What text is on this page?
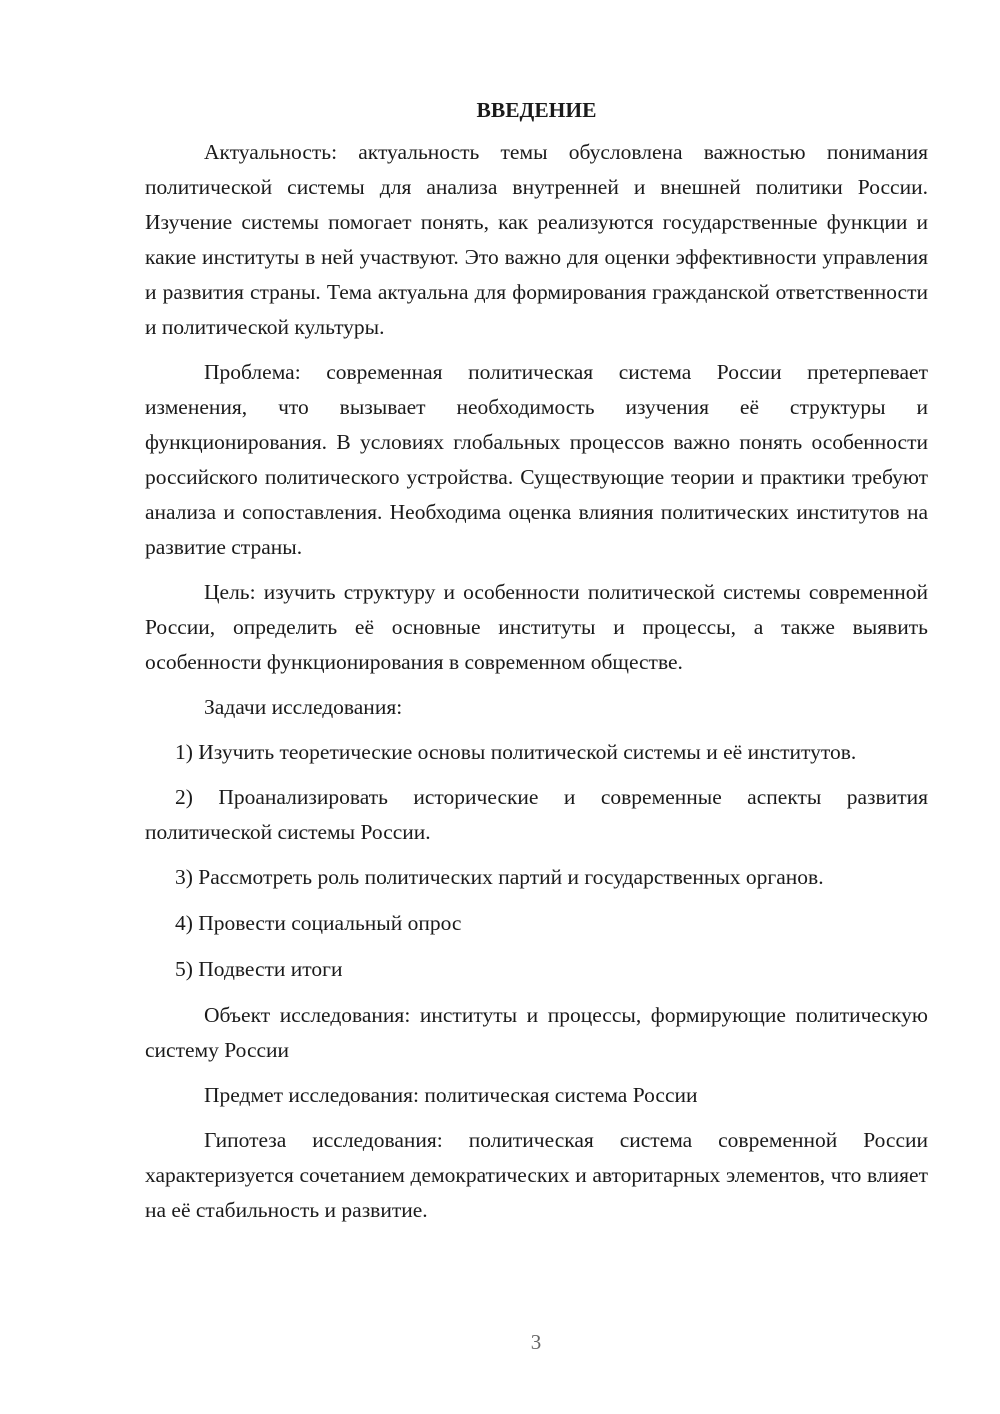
ВВЕДЕНИЕ

Актуальность: актуальность темы обусловлена важностью понимания политической системы для анализа внутренней и внешней политики России. Изучение системы помогает понять, как реализуются государственные функции и какие институты в ней участвуют. Это важно для оценки эффективности управления и развития страны. Тема актуальна для формирования гражданской ответственности и политической культуры.

Проблема: современная политическая система России претерпевает изменения, что вызывает необходимость изучения её структуры и функционирования. В условиях глобальных процессов важно понять особенности российского политического устройства. Существующие теории и практики требуют анализа и сопоставления. Необходима оценка влияния политических институтов на развитие страны.

Цель: изучить структуру и особенности политической системы современной России, определить её основные институты и процессы, а также выявить особенности функционирования в современном обществе.

Задачи исследования:

1) Изучить теоретические основы политической системы и её институтов.

2) Проанализировать исторические и современные аспекты развития политической системы России.

3) Рассмотреть роль политических партий и государственных органов.

4) Провести социальный опрос

5) Подвести итоги

Объект исследования: институты и процессы, формирующие политическую систему России

Предмет исследования: политическая система России

Гипотеза исследования: политическая система современной России характеризуется сочетанием демократических и авторитарных элементов, что влияет на её стабильность и развитие.

3
